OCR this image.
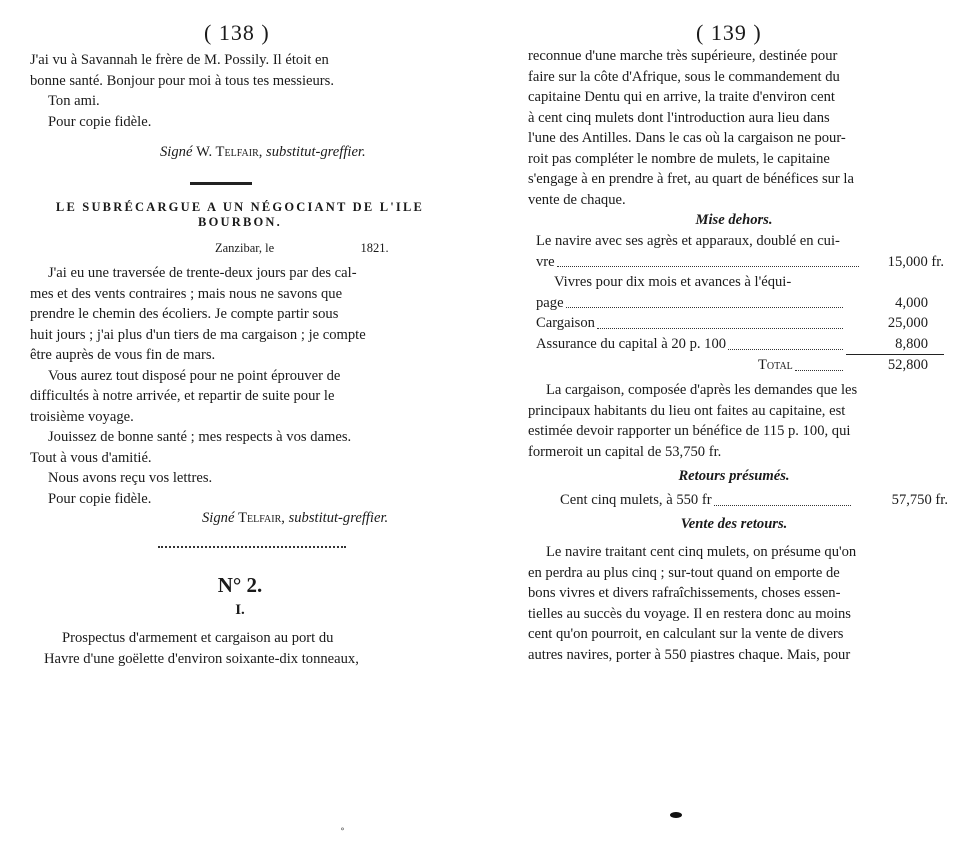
( 138 )
J'ai vu à Savannah le frère de M. Possily. Il étoit en
bonne santé. Bonjour pour moi à tous tes messieurs.
Ton ami.
Pour copie fidèle.
Signé W. Telfair, substitut-greffier.
LE SUBRÉCARGUE A UN NÉGOCIANT DE L'ILE
BOURBON.
Zanzibar, le	1821.
J'ai eu une traversée de trente-deux jours par des cal-
mes et des vents contraires ; mais nous ne savons que
prendre le chemin des écoliers. Je compte partir sous
huit jours ; j'ai plus d'un tiers de ma cargaison ; je compte
être auprès de vous fin de mars.
Vous aurez tout disposé pour ne point éprouver de
difficultés à notre arrivée, et repartir de suite pour le
troisième voyage.
Jouissez de bonne santé ; mes respects à vos dames.
Tout à vous d'amitié.
Nous avons reçu vos lettres.
Pour copie fidèle.
Signé Telfair, substitut-greffier.
N° 2.
I.
Prospectus d'armement et cargaison au port du
Havre d'une goëlette d'environ soixante-dix tonneaux,
∘
( 139 )
reconnue d'une marche très supérieure, destinée pour
faire sur la côte d'Afrique, sous le commandement du
capitaine Dentu qui en arrive, la traite d'environ cent
à cent cinq mulets dont l'introduction aura lieu dans
l'une des Antilles. Dans le cas où la cargaison ne pour-
roit pas compléter le nombre de mulets, le capitaine
s'engage à en prendre à fret, au quart de bénéfices sur la
vente de chaque.
Mise dehors.
Le navire avec ses agrès et apparaux, doublé en cui-
vre	15,000 fr.
Vivres pour dix mois et avances à l'équi-
page	4,000
Cargaison	25,000
Assurance du capital à 20 p. 100	8,800
Total	52,800
La cargaison, composée d'après les demandes que les
principaux habitants du lieu ont faites au capitaine, est
estimée devoir rapporter un bénéfice de 115 p. 100, qui
formeroit un capital de 53,750 fr.
Retours présumés.
Cent cinq mulets, à 550 fr	57,750 fr.
Vente des retours.
Le navire traitant cent cinq mulets, on présume qu'on
en perdra au plus cinq ; sur-tout quand on emporte de
bons vivres et divers rafraîchissements, choses essen-
tielles au succès du voyage. Il en restera donc au moins
cent qu'on pourroit, en calculant sur la vente de divers
autres navires, porter à 550 piastres chaque. Mais, pour
